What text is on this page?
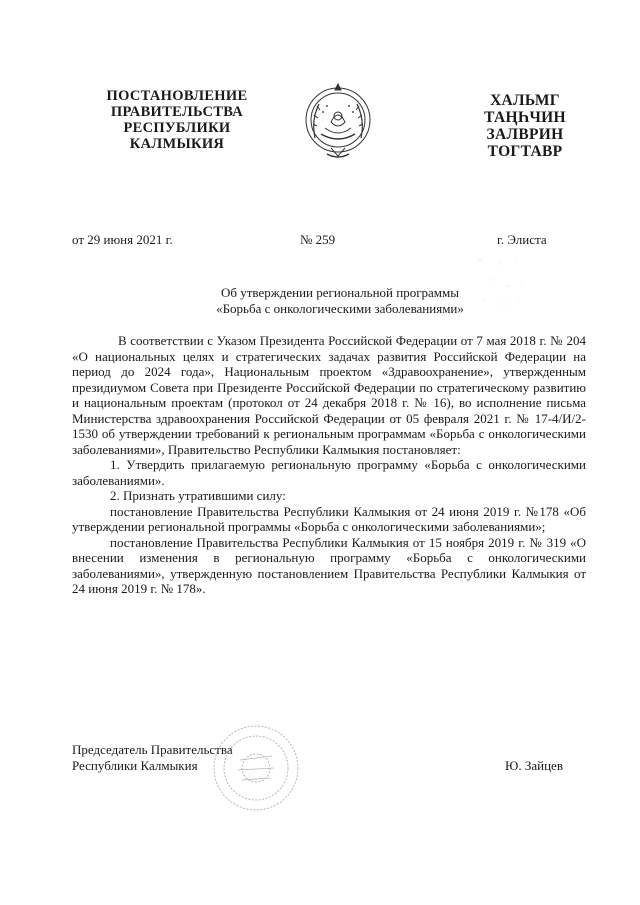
ПОСТАНОВЛЕНИЕ
ПРАВИТЕЛЬСТВА
РЕСПУБЛИКИ
КАЛМЫКИЯ
ХАЛЬМГ
ТАҢҺЧИН
ЗАЛВРИН
ТОГТАВР
от 29 июня 2021 г.	№ 259	г. Элиста
Об утверждении региональной программы
«Борьба с онкологическими заболеваниями»

В соответствии с Указом Президента Российской Федерации от 7 мая 2018 г. № 204 «О национальных целях и стратегических задачах развития Российской Федерации на период до 2024 года», Национальным проектом «Здравоохранение», утвержденным президиумом Совета при Президенте Российской Федерации по стратегическому развитию и национальным проектам (протокол от 24 декабря 2018 г. № 16), во исполнение письма Министерства здравоохранения Российской Федерации от 05 февраля 2021 г. № 17-4/И/2-1530 об утверждении требований к региональным программам «Борьба с онкологическими заболеваниями», Правительство Республики Калмыкия постановляет:

1. Утвердить прилагаемую региональную программу «Борьба с онкологическими заболеваниями».

2. Признать утратившими силу:

постановление Правительства Республики Калмыкия от 24 июня 2019 г. №178 «Об утверждении региональной программы «Борьба с онкологическими заболеваниями»;

постановление Правительства Республики Калмыкия от 15 ноября 2019 г. № 319 «О внесении изменения в региональную программу «Борьба с онкологическими заболеваниями», утвержденную постановлением Правительства Республики Калмыкия от 24 июня 2019 г. № 178».

Председатель Правительства
Республики Калмыкия	Ю. Зайцев
